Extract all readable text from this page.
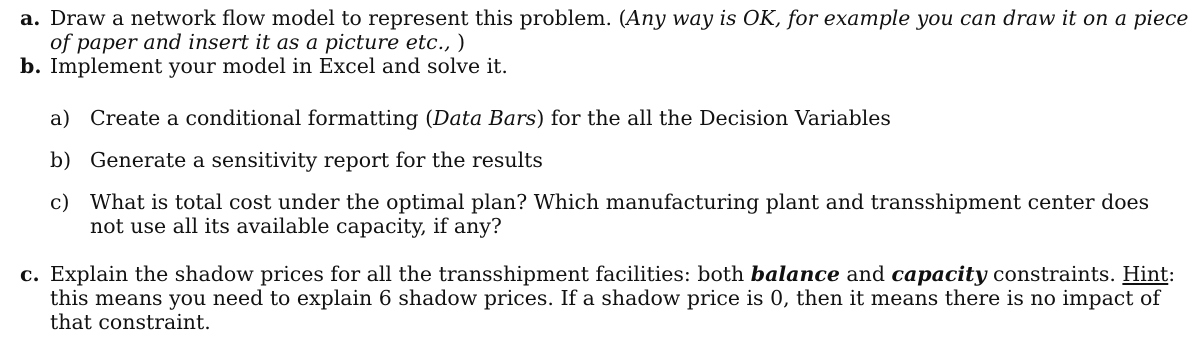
a. Draw a network flow model to represent this problem. (Any way is OK, for example you can draw it on a piece
of paper and insert it as a picture etc., )
b. Implement your model in Excel and solve it.
a) Create a conditional formatting (Data Bars) for the all the Decision Variables
b) Generate a sensitivity report for the results
c) What is total cost under the optimal plan? Which manufacturing plant and transshipment center does
not use all its available capacity, if any?
c. Explain the shadow prices for all the transshipment facilities: both balance and capacity constraints. Hint:
this means you need to explain 6 shadow prices. If a shadow price is 0, then it means there is no impact of
that constraint.
